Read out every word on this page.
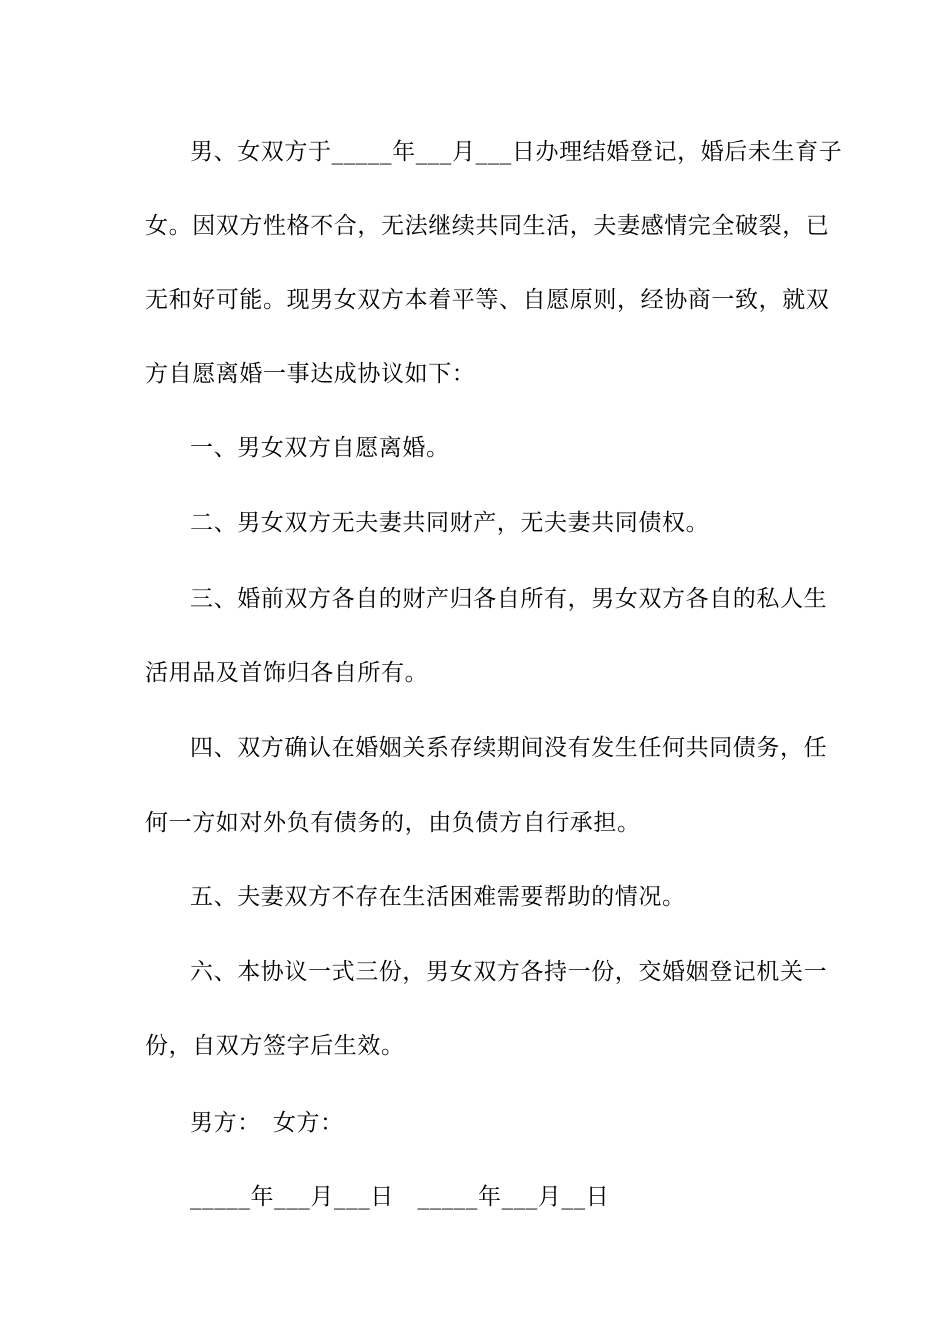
男、女双方于_____年___月___日办理结婚登记，婚后未生育子
女。因双方性格不合，无法继续共同生活，夫妻感情完全破裂，已
无和好可能。现男女双方本着平等、自愿原则，经协商一致，就双
方自愿离婚一事达成协议如下：
一、男女双方自愿离婚。
二、男女双方无夫妻共同财产，无夫妻共同债权。
三、婚前双方各自的财产归各自所有，男女双方各自的私人生
活用品及首饰归各自所有。
四、双方确认在婚姻关系存续期间没有发生任何共同债务，任
何一方如对外负有债务的，由负债方自行承担。
五、夫妻双方不存在生活困难需要帮助的情况。
六、本协议一式三份，男女双方各持一份，交婚姻登记机关一
份，自双方签字后生效。
男方：　女方：
_____年___月___日　_____年___月__日
